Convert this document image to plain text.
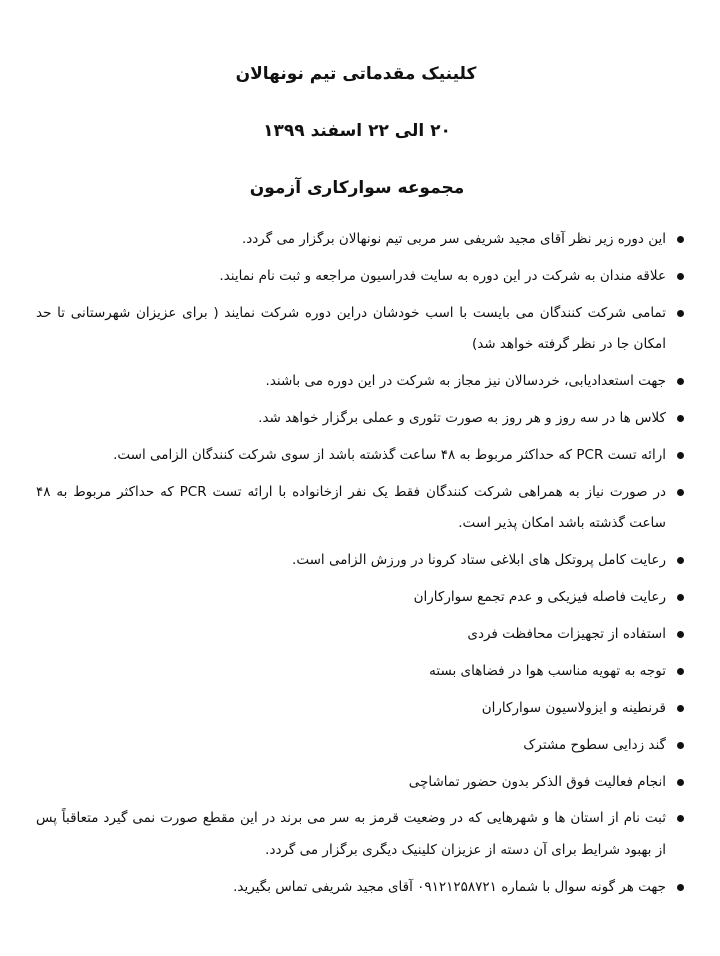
کلینیک مقدماتی تیم نونهالان
۲۰ الی ۲۲ اسفند ۱۳۹۹
مجموعه سوارکاری آزمون
این دوره زیر نظر آقای مجید شریفی سر مربی تیم نونهالان برگزار می گردد.
علاقه مندان به شرکت در این دوره به سایت فدراسیون مراجعه و ثبت نام نمایند.
تمامی شرکت کنندگان می بایست با اسب خودشان دراین دوره شرکت نمایند ( برای عزیزان شهرستانی تا حد امکان جا در نظر گرفته خواهد شد)
جهت استعدادیابی، خردسالان نیز مجاز به شرکت در این دوره می باشند.
کلاس ها در سه روز و هر روز به صورت تئوری و عملی برگزار خواهد شد.
ارائه تست PCR که حداکثر مربوط به ۴۸ ساعت گذشته باشد از سوی شرکت کنندگان الزامی است.
در صورت نیاز به همراهی شرکت کنندگان فقط یک نفر ازخانواده با ارائه تست PCR که حداکثر مربوط به ۴۸ ساعت گذشته باشد امکان پذیر است.
رعایت کامل پروتکل های ابلاغی ستاد کرونا در ورزش الزامی است.
رعایت فاصله فیزیکی و عدم تجمع سوارکاران
استفاده از تجهیزات محافظت فردی
توجه به تهویه مناسب هوا در فضاهای بسته
قرنطینه و ایزولاسیون سوارکاران
گند زدایی سطوح مشترک
انجام فعالیت فوق الذکر بدون حضور تماشاچی
ثبت نام از استان ها و شهرهایی که در وضعیت قرمز به سر می برند در این مقطع صورت نمی گیرد متعاقباً پس از بهبود شرایط برای آن دسته از عزیزان کلینیک دیگری برگزار می گردد.
جهت هر گونه سوال با شماره ۰۹۱۲۱۲۵۸۷۲۱ آقای مجید شریفی تماس بگیرید.
